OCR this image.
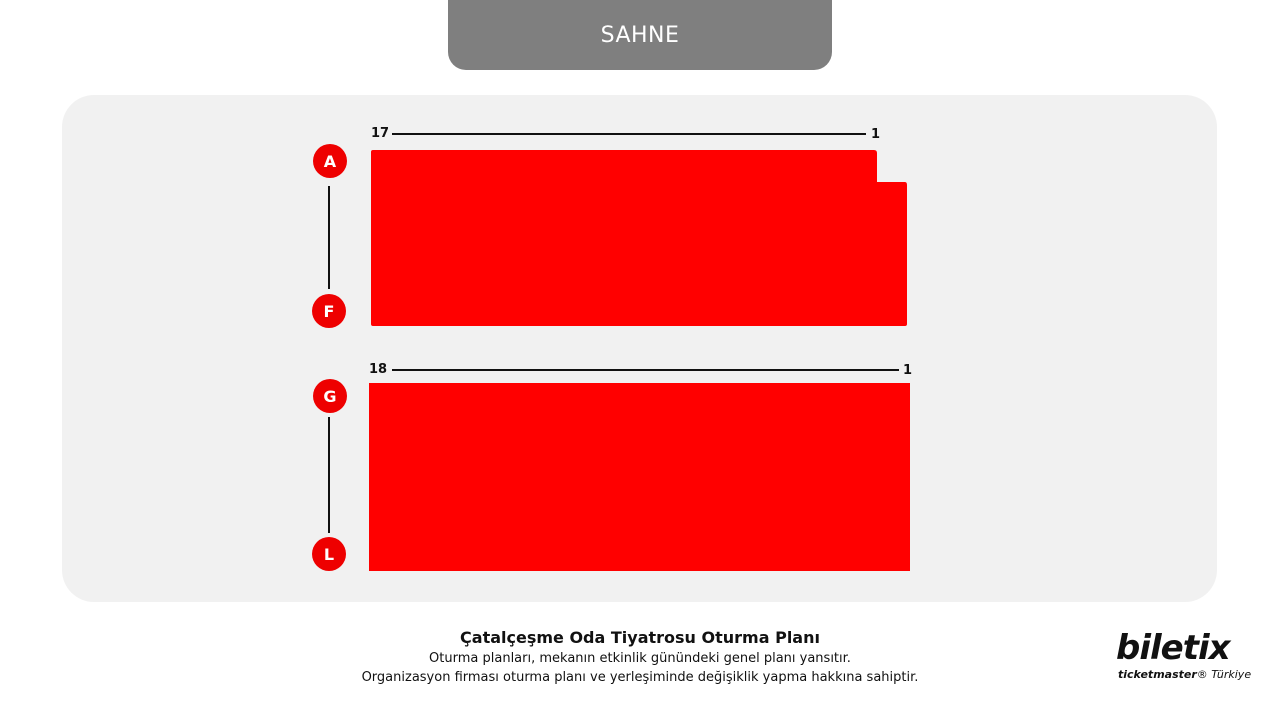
SAHNE
17	1
A
F
18	1
G
L
Çatalçeşme Oda Tiyatrosu Oturma Planı
Oturma planları, mekanın etkinlik günündeki genel planı yansıtır.
Organizasyon firması oturma planı ve yerleşiminde değişiklik yapma hakkına sahiptir.
biletix
ticketmaster® Türkiye
